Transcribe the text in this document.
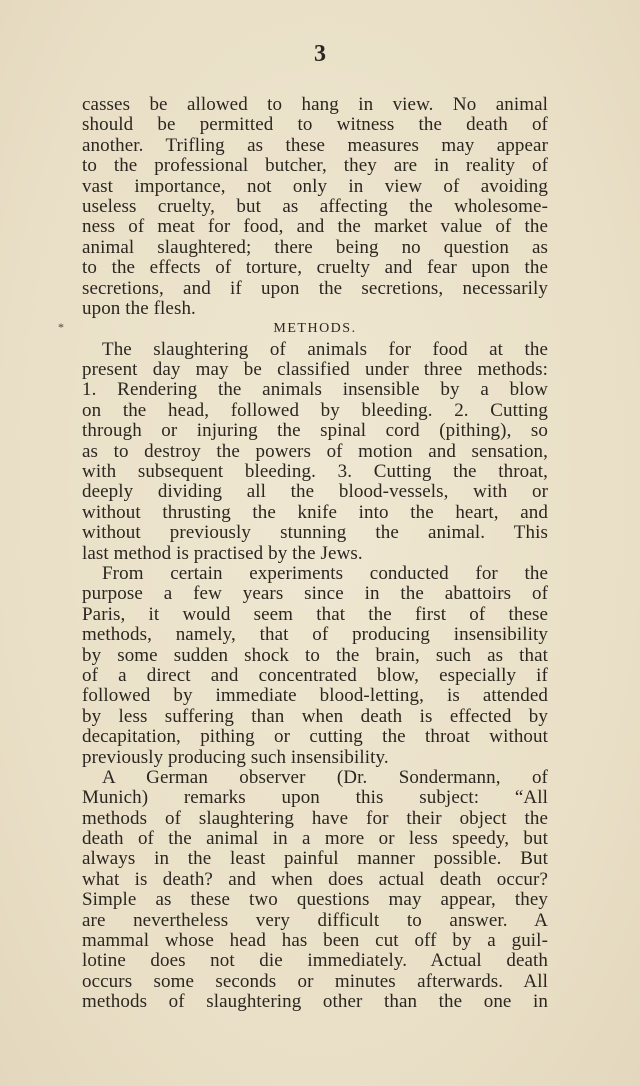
3
*
casses be allowed to hang in view. No animal
should be permitted to witness the death of
another. Trifling as these measures may appear
to the professional butcher, they are in reality of
vast importance, not only in view of avoiding
useless cruelty, but as affecting the wholesome-
ness of meat for food, and the market value of the
animal slaughtered; there being no question as
to the effects of torture, cruelty and fear upon the
secretions, and if upon the secretions, necessarily
upon the flesh.
METHODS.
The slaughtering of animals for food at the
present day may be classified under three methods:
1. Rendering the animals insensible by a blow
on the head, followed by bleeding. 2. Cutting
through or injuring the spinal cord (pithing), so
as to destroy the powers of motion and sensation,
with subsequent bleeding. 3. Cutting the throat,
deeply dividing all the blood-vessels, with or
without thrusting the knife into the heart, and
without previously stunning the animal. This
last method is practised by the Jews.
From certain experiments conducted for the
purpose a few years since in the abattoirs of
Paris, it would seem that the first of these
methods, namely, that of producing insensibility
by some sudden shock to the brain, such as that
of a direct and concentrated blow, especially if
followed by immediate blood-letting, is attended
by less suffering than when death is effected by
decapitation, pithing or cutting the throat without
previously producing such insensibility.
A German observer (Dr. Sondermann, of
Munich) remarks upon this subject: “All
methods of slaughtering have for their object the
death of the animal in a more or less speedy, but
always in the least painful manner possible. But
what is death? and when does actual death occur?
Simple as these two questions may appear, they
are nevertheless very difficult to answer. A
mammal whose head has been cut off by a guil-
lotine does not die immediately. Actual death
occurs some seconds or minutes afterwards. All
methods of slaughtering other than the one in
